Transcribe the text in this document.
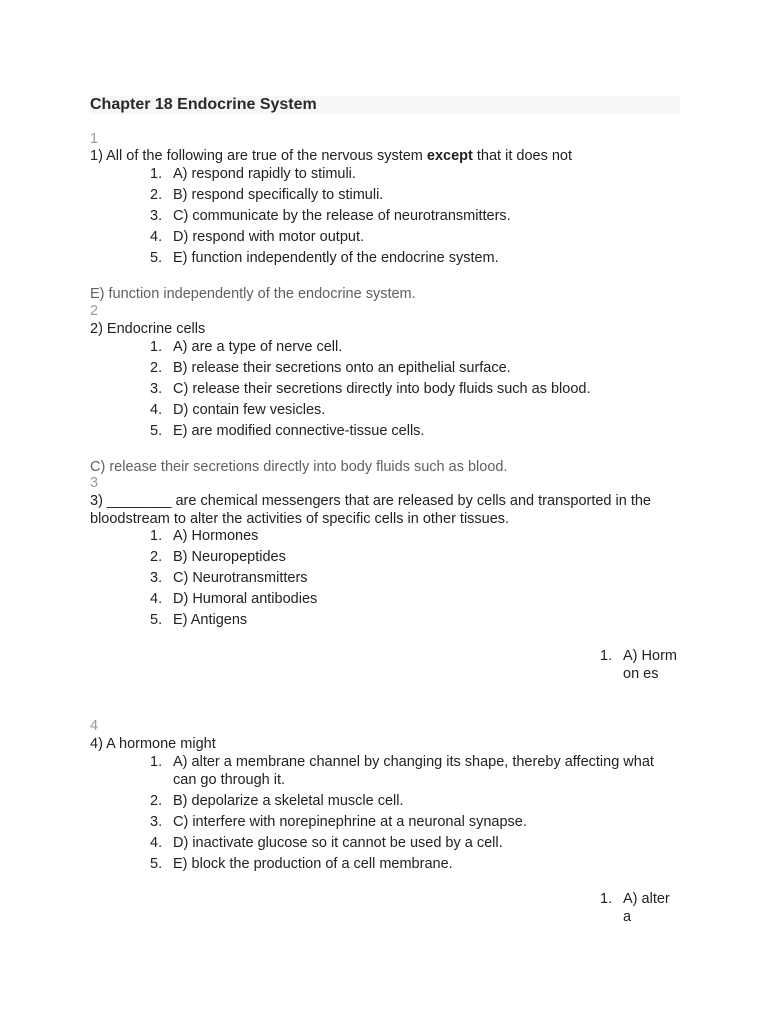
Chapter 18 Endocrine System
1
1) All of the following are true of the nervous system except that it does not
1. A) respond rapidly to stimuli.
2. B) respond specifically to stimuli.
3. C) communicate by the release of neurotransmitters.
4. D) respond with motor output.
5. E) function independently of the endocrine system.
E) function independently of the endocrine system.
2
2) Endocrine cells
1. A) are a type of nerve cell.
2. B) release their secretions onto an epithelial surface.
3. C) release their secretions directly into body fluids such as blood.
4. D) contain few vesicles.
5. E) are modified connective-tissue cells.
C) release their secretions directly into body fluids such as blood.
3
3) ________ are chemical messengers that are released by cells and transported in the bloodstream to alter the activities of specific cells in other tissues.
1. A) Hormones
2. B) Neuropeptides
3. C) Neurotransmitters
4. D) Humoral antibodies
5. E) Antigens
1. A) Hormon es
4
4) A hormone might
1. A) alter a membrane channel by changing its shape, thereby affecting what can go through it.
2. B) depolarize a skeletal muscle cell.
3. C) interfere with norepinephrine at a neuronal synapse.
4. D) inactivate glucose so it cannot be used by a cell.
5. E) block the production of a cell membrane.
1. A) alter a
